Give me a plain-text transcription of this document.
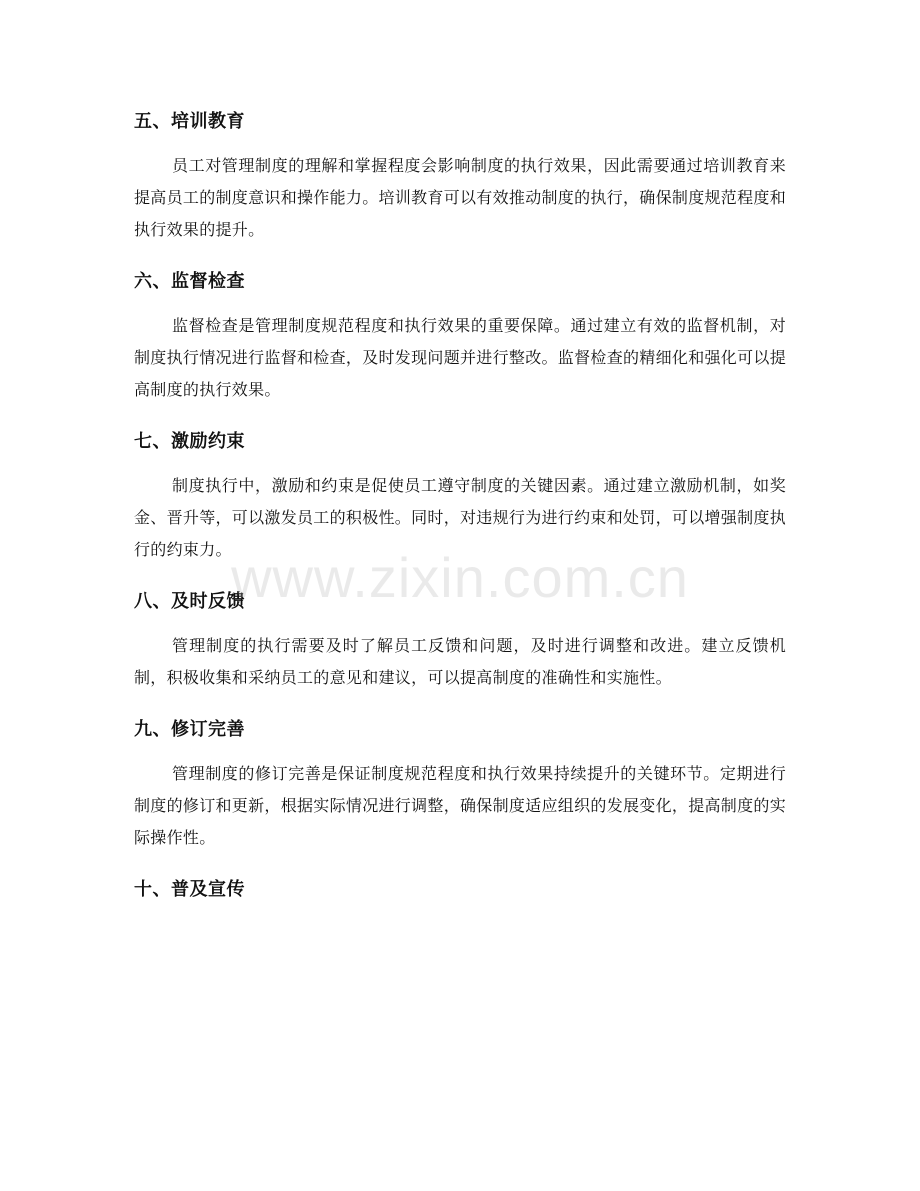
五、培训教育
员工对管理制度的理解和掌握程度会影响制度的执行效果，因此需要通过培训教育来提高员工的制度意识和操作能力。培训教育可以有效推动制度的执行，确保制度规范程度和执行效果的提升。
六、监督检查
监督检查是管理制度规范程度和执行效果的重要保障。通过建立有效的监督机制，对制度执行情况进行监督和检查，及时发现问题并进行整改。监督检查的精细化和强化可以提高制度的执行效果。
七、激励约束
制度执行中，激励和约束是促使员工遵守制度的关键因素。通过建立激励机制，如奖金、晋升等，可以激发员工的积极性。同时，对违规行为进行约束和处罚，可以增强制度执行的约束力。
八、及时反馈
管理制度的执行需要及时了解员工反馈和问题，及时进行调整和改进。建立反馈机制，积极收集和采纳员工的意见和建议，可以提高制度的准确性和实施性。
九、修订完善
管理制度的修订完善是保证制度规范程度和执行效果持续提升的关键环节。定期进行制度的修订和更新，根据实际情况进行调整，确保制度适应组织的发展变化，提高制度的实际操作性。
十、普及宣传
www.zixin.com.cn
